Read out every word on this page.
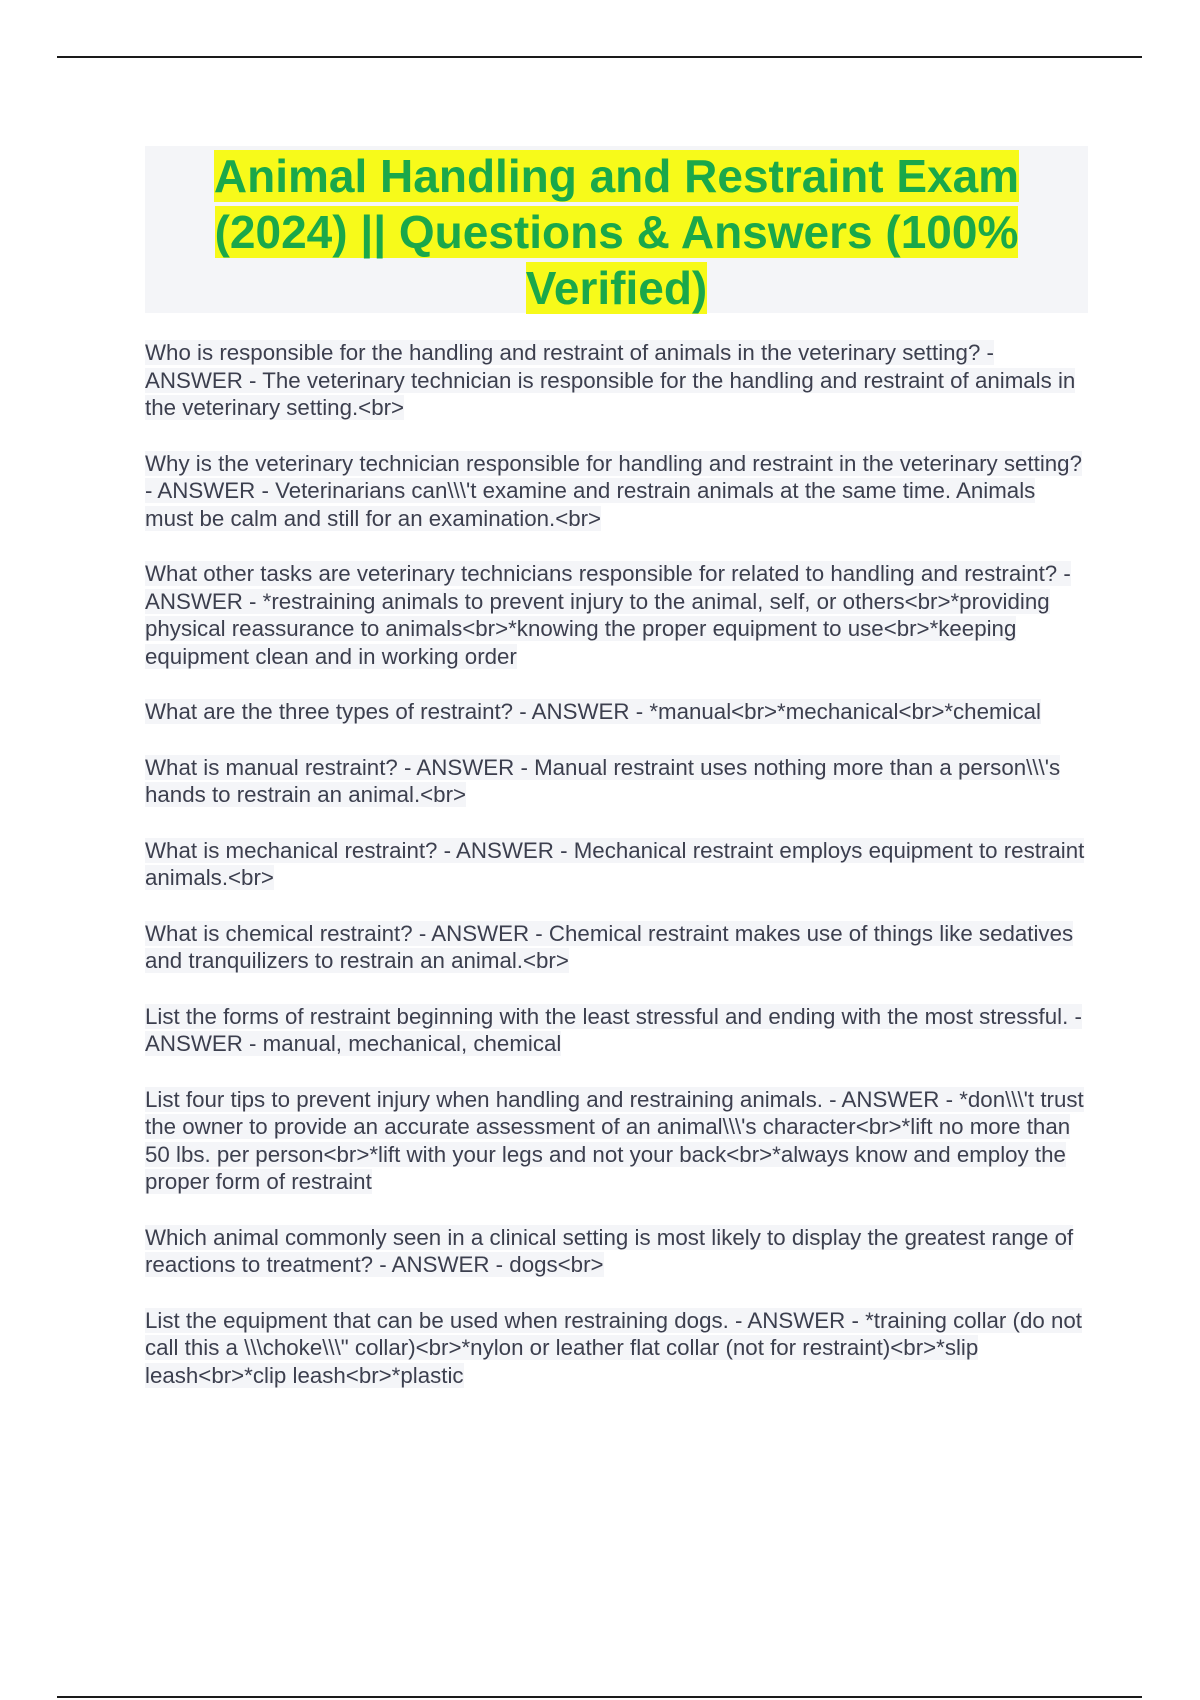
Animal Handling and Restraint Exam (2024) || Questions & Answers (100% Verified)

Who is responsible for the handling and restraint of animals in the veterinary setting? - ANSWER - The veterinary technician is responsible for the handling and restraint of animals in the veterinary setting.<br>

Why is the veterinary technician responsible for handling and restraint in the veterinary setting? - ANSWER - Veterinarians can\\\'t examine and restrain animals at the same time. Animals must be calm and still for an examination.<br>

What other tasks are veterinary technicians responsible for related to handling and restraint? - ANSWER - *restraining animals to prevent injury to the animal, self, or others<br>*providing physical reassurance to animals<br>*knowing the proper equipment to use<br>*keeping equipment clean and in working order

What are the three types of restraint? - ANSWER - *manual<br>*mechanical<br>*chemical

What is manual restraint? - ANSWER - Manual restraint uses nothing more than a person\\\'s hands to restrain an animal.<br>

What is mechanical restraint? - ANSWER - Mechanical restraint employs equipment to restraint animals.<br>

What is chemical restraint? - ANSWER - Chemical restraint makes use of things like sedatives and tranquilizers to restrain an animal.<br>

List the forms of restraint beginning with the least stressful and ending with the most stressful. - ANSWER - manual, mechanical, chemical

List four tips to prevent injury when handling and restraining animals. - ANSWER - *don\\\'t trust the owner to provide an accurate assessment of an animal\\\'s character<br>*lift no more than 50 lbs. per person<br>*lift with your legs and not your back<br>*always know and employ the proper form of restraint

Which animal commonly seen in a clinical setting is most likely to display the greatest range of reactions to treatment? - ANSWER - dogs<br>

List the equipment that can be used when restraining dogs. - ANSWER - *training collar (do not call this a \\\choke\\\" collar)<br>*nylon or leather flat collar (not for restraint)<br>*slip leash<br>*clip leash<br>*plastic
